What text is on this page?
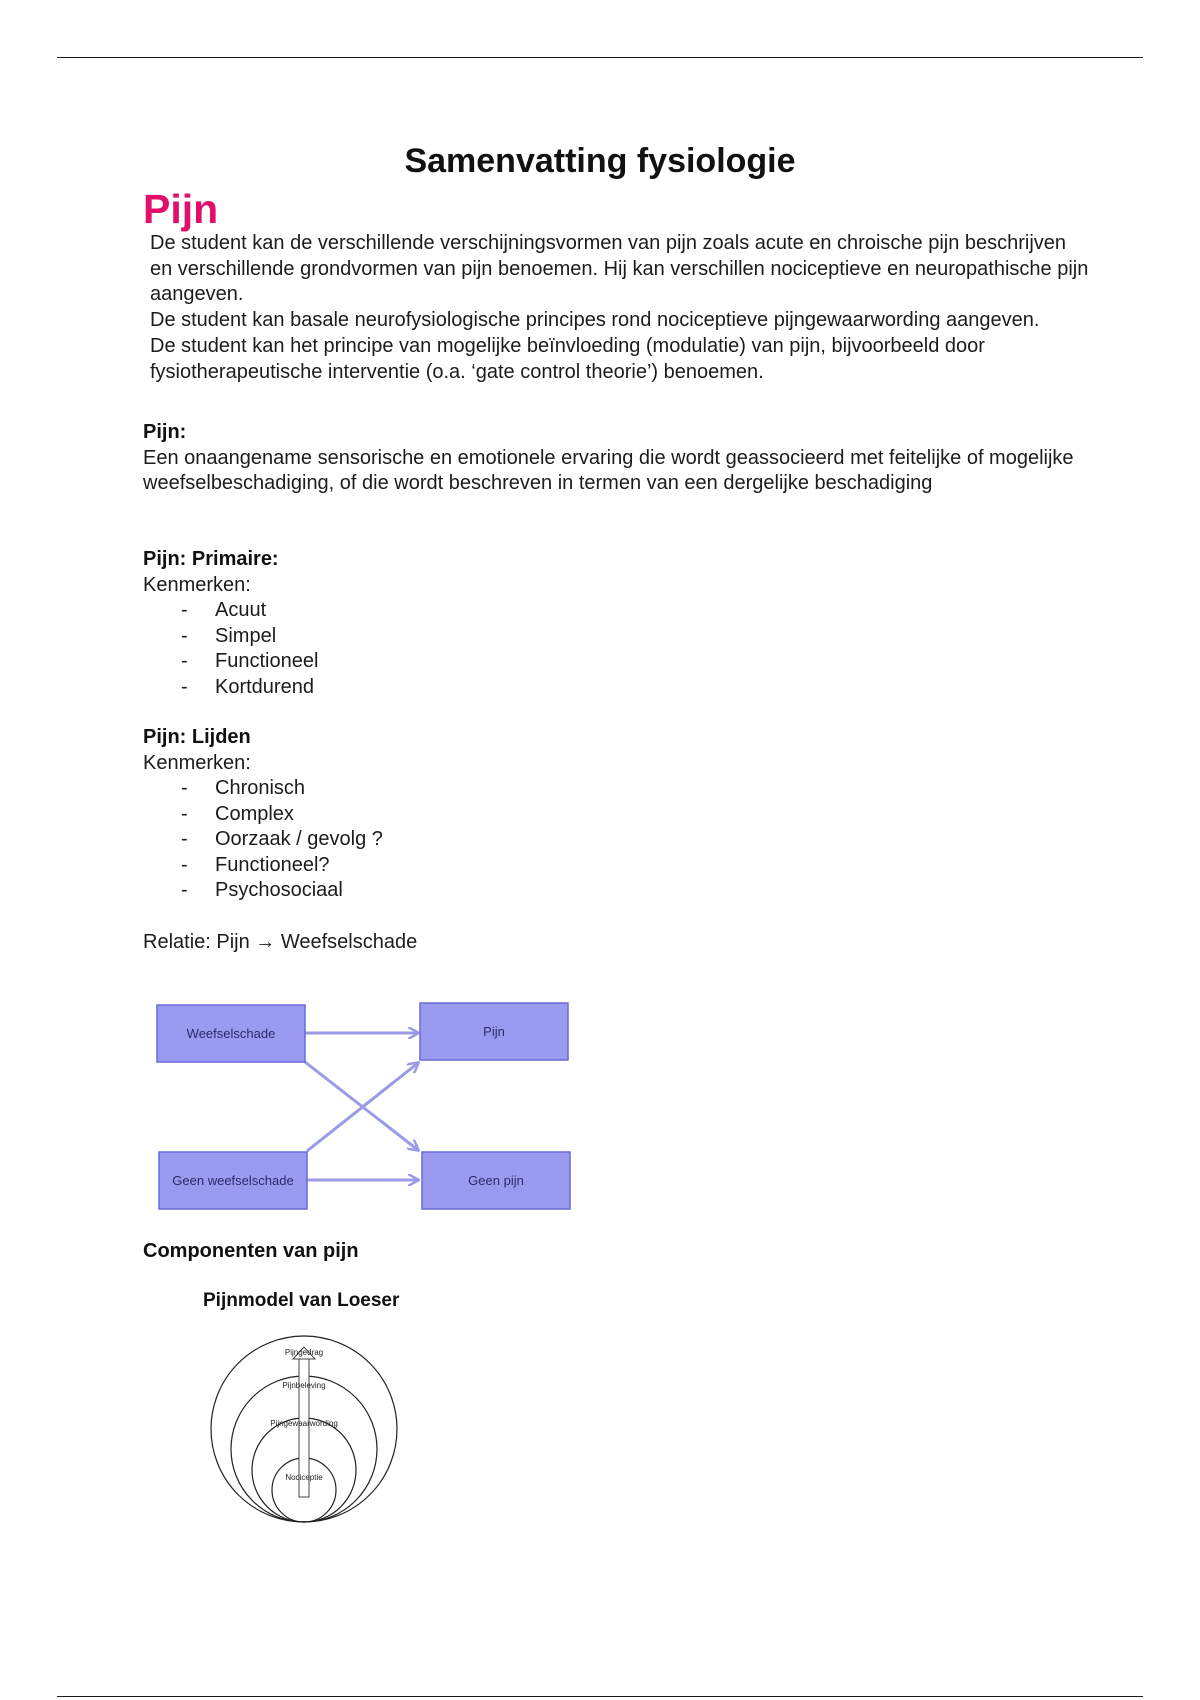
Samenvatting fysiologie
Pijn

De student kan de verschillende verschijningsvormen van pijn zoals acute en chroische pijn beschrijven en verschillende grondvormen van pijn benoemen. Hij kan verschillen nociceptieve en neuropathische pijn aangeven.

De student kan basale neurofysiologische principes rond nociceptieve pijngewaarwording aangeven.

De student kan het principe van mogelijke beïnvloeding (modulatie) van pijn, bijvoorbeeld door fysiotherapeutische interventie (o.a. ‘gate control theorie’) benoemen.

Pijn:

Een onaangename sensorische en emotionele ervaring die wordt geassocieerd met feitelijke of mogelijke weefselbeschadiging, of die wordt beschreven in termen van een dergelijke beschadiging

Pijn: Primaire:

Kenmerken:

- Acuut
- Simpel
- Functioneel
- Kortdurend

Pijn: Lijden

Kenmerken:

- Chronisch
- Complex
- Oorzaak / gevolg ?
- Functioneel?
- Psychosociaal

Relatie: Pijn → Weefselschade

Weefselschade	Pijn
Geen weefselschade	Geen pijn

Componenten van pijn

Pijnmodel van Loeser

Pijngedrag
Pijnbeleving
Pijngewaarwording
Nociceptie
